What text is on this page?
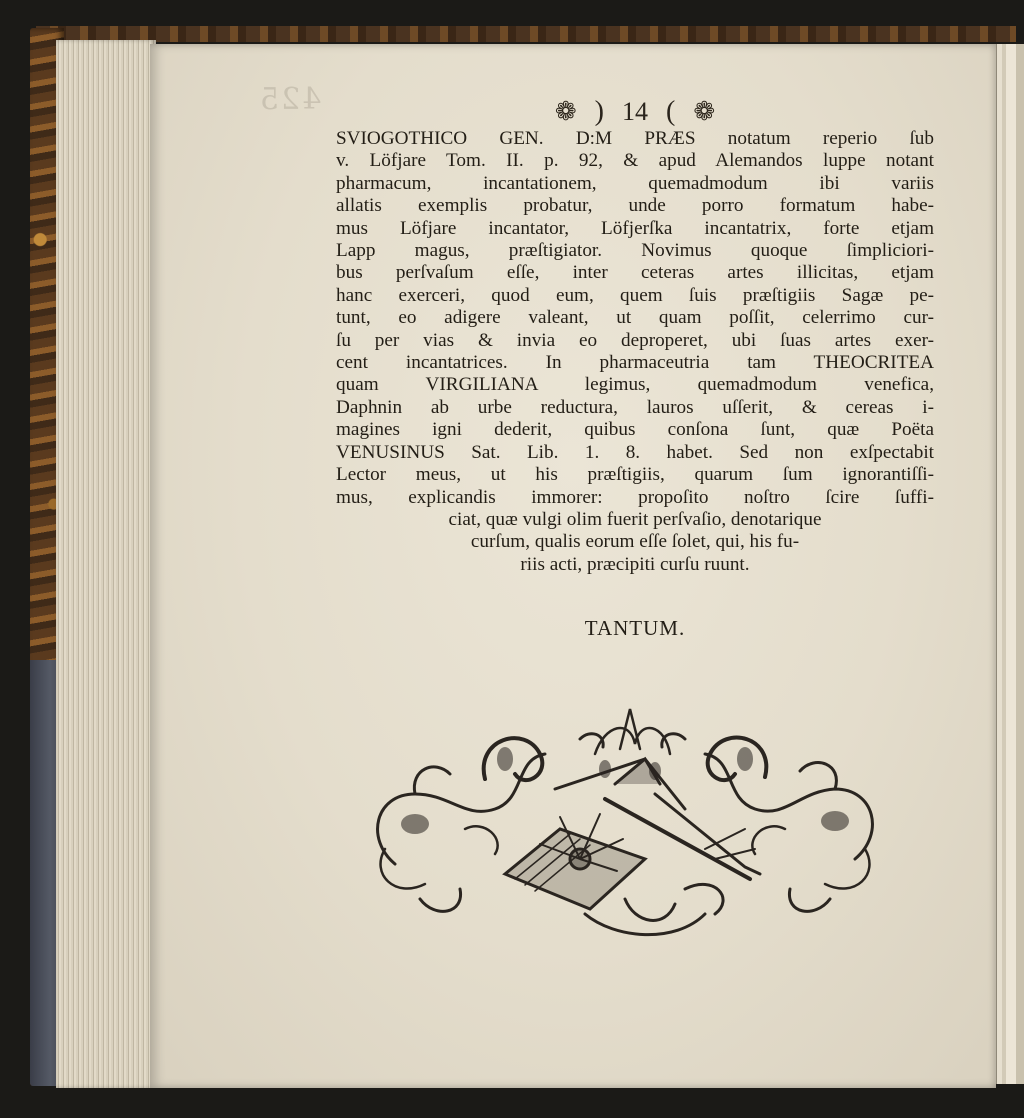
425	❁ ) 14 ( ❁
SVIOGOTHICO GEN. D:M PRÆS notatum reperio ſub
v. Löfjare Tom. II. p. 92, & apud Alemandos luppe notant
pharmacum, incantationem, quemadmodum ibi variis
allatis exemplis probatur, unde porro formatum habe-
mus Löfjare incantator, Löfjerſka incantatrix, forte etjam
Lapp magus, præſtigiator. Novimus quoque ſimpliciori-
bus perſvaſum eſſe, inter ceteras artes illicitas, etjam
hanc exerceri, quod eum, quem ſuis præſtigiis Sagæ pe-
tunt, eo adigere valeant, ut quam poſſit, celerrimo cur-
ſu per vias & invia eo deproperet, ubi ſuas artes exer-
cent incantatrices. In pharmaceutria tam THEOCRITEA
quam VIRGILIANA legimus, quemadmodum venefica,
Daphnin ab urbe reductura, lauros uſſerit, & cereas i-
magines igni dederit, quibus conſona ſunt, quæ Poëta
VENUSINUS Sat. Lib. 1. 8. habet. Sed non exſpectabit
Lector meus, ut his præſtigiis, quarum ſum ignorantiſſi-
mus, explicandis immorer: propoſito noſtro ſcire ſuffi-
ciat, quæ vulgi olim fuerit perſvaſio, denotarique
curſum, qualis eorum eſſe ſolet, qui, his fu-
riis acti, præcipiti curſu ruunt.
TANTUM.
